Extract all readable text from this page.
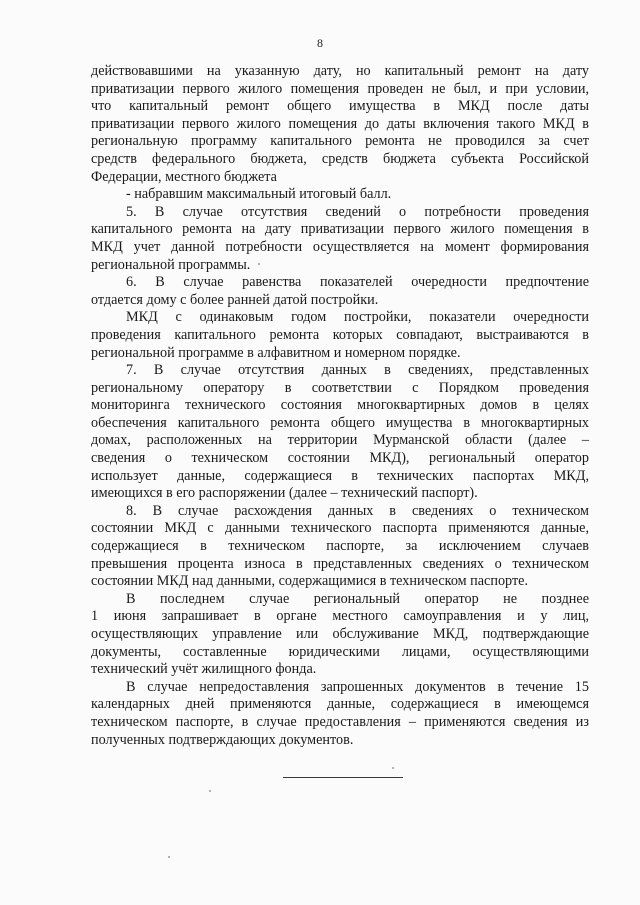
8
действовавшими на указанную дату, но капитальный ремонт на дату
приватизации первого жилого помещения проведен не был, и при условии,
что капитальный ремонт общего имущества в МКД после даты
приватизации первого жилого помещения до даты включения такого МКД в
региональную программу капитального ремонта не проводился за счет
средств федерального бюджета, средств бюджета субъекта Российской
Федерации, местного бюджета
- набравшим максимальный итоговый балл.
5. В случае отсутствия сведений о потребности проведения
капитального ремонта на дату приватизации первого жилого помещения в
МКД учет данной потребности осуществляется на момент формирования
региональной программы.
6. В случае равенства показателей очередности предпочтение
отдается дому с более ранней датой постройки.
МКД с одинаковым годом постройки, показатели очередности
проведения капитального ремонта которых совпадают, выстраиваются в
региональной программе в алфавитном и номерном порядке.
7. В случае отсутствия данных в сведениях, представленных
региональному оператору в соответствии с Порядком проведения
мониторинга технического состояния многоквартирных домов в целях
обеспечения капитального ремонта общего имущества в многоквартирных
домах, расположенных на территории Мурманской области (далее –
сведения о техническом состоянии МКД), региональный оператор
использует данные, содержащиеся в технических паспортах МКД,
имеющихся в его распоряжении (далее – технический паспорт).
8. В случае расхождения данных в сведениях о техническом
состоянии МКД с данными технического паспорта применяются данные,
содержащиеся в техническом паспорте, за исключением случаев
превышения процента износа в представленных сведениях о техническом
состоянии МКД над данными, содержащимися в техническом паспорте.
В последнем случае региональный оператор не позднее
1 июня запрашивает в органе местного самоуправления и у лиц,
осуществляющих управление или обслуживание МКД, подтверждающие
документы, составленные юридическими лицами, осуществляющими
технический учёт жилищного фонда.
В случае непредоставления запрошенных документов в течение 15
календарных дней применяются данные, содержащиеся в имеющемся
техническом паспорте, в случае предоставления – применяются сведения из
полученных подтверждающих документов.
